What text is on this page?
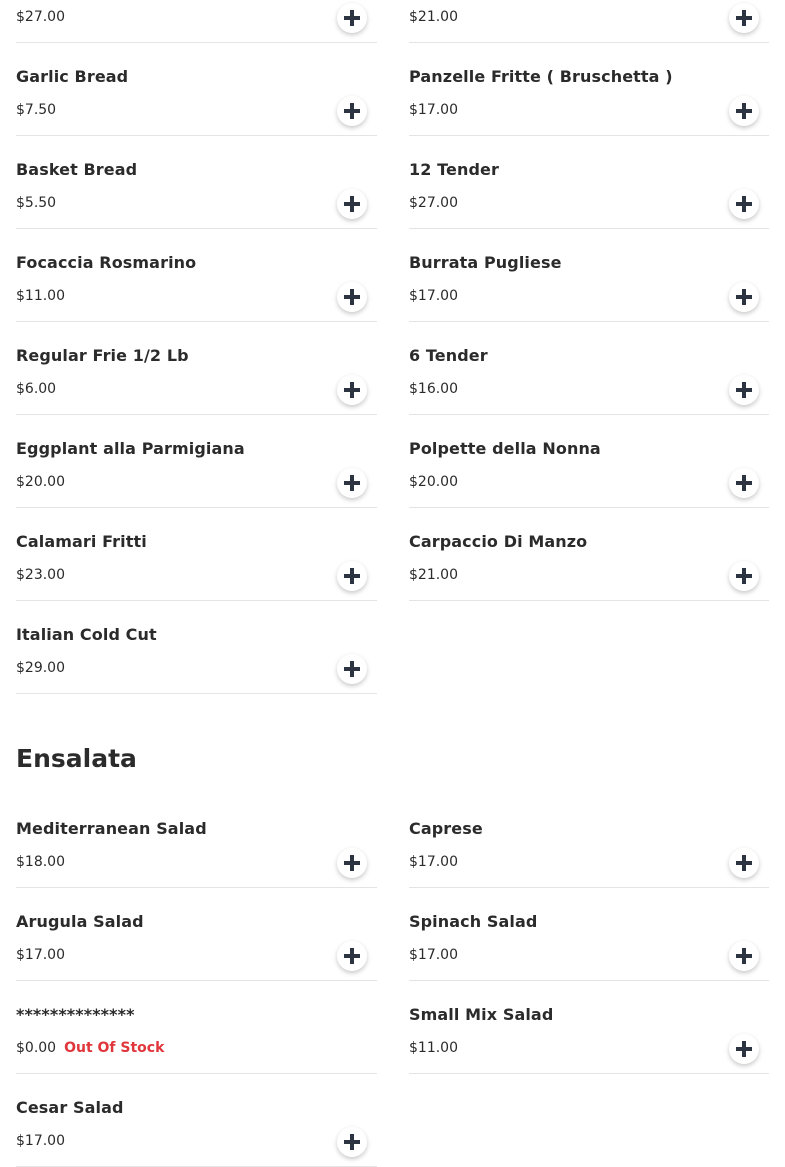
$27.00	$21.00
Garlic Bread
$7.50
Panzelle Fritte ( Bruschetta )
$17.00
Basket Bread
$5.50
12 Tender
$27.00
Focaccia Rosmarino
$11.00
Burrata Pugliese
$17.00
Regular Frie 1/2 Lb
$6.00
6 Tender
$16.00
Eggplant alla Parmigiana
$20.00
Polpette della Nonna
$20.00
Calamari Fritti
$23.00
Carpaccio Di Manzo
$21.00
Italian Cold Cut
$29.00
Ensalata
Mediterranean Salad
$18.00
Caprese
$17.00
Arugula Salad
$17.00
Spinach Salad
$17.00
**************
$0.00 Out Of Stock
Small Mix Salad
$11.00
Cesar Salad
$17.00
